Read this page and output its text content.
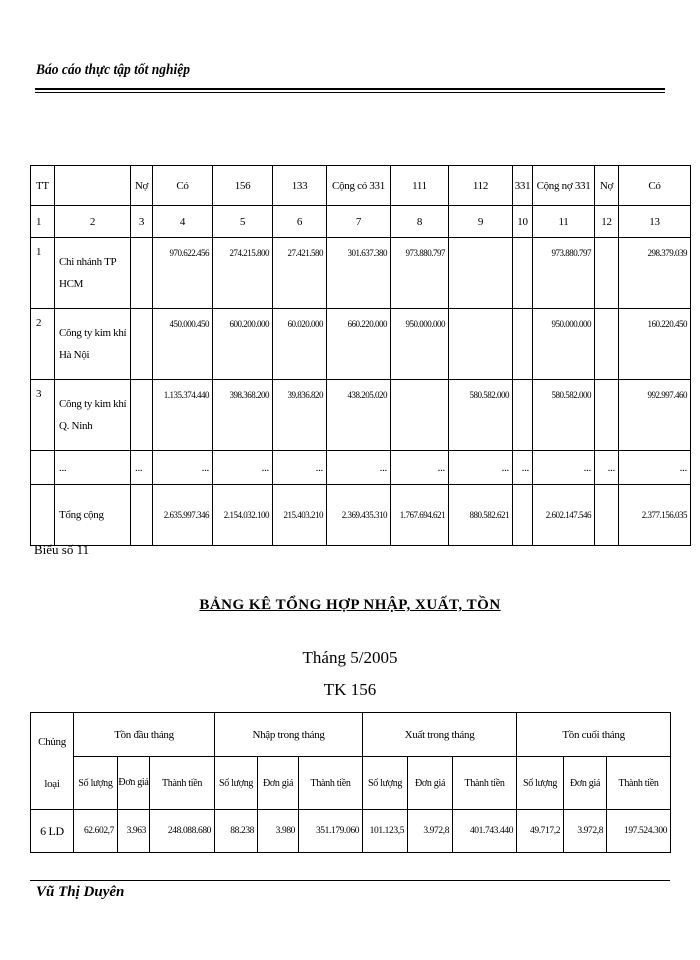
Báo cáo thực tập tốt nghiệp
TT		Nợ	Có	156	133	Cộng có 331	111	112	331	Cộng nợ 331	Nợ	Có
1	2	3	4	5	6	7	8	9	10	11	12	13
1	Chi nhánh TP HCM		970.622.456	274.215.800	27.421.580	301.637.380	973.880.797			973.880.797		298.379.039
2	Công ty kim khí Hà Nội		450.000.450	600.200.000	60.020.000	660.220.000	950.000.000			950.000.000		160.220.450
3	Công ty kim khí Q. Ninh		1.135.374.440	398.368.200	39.836.820	438.205.020		580.582.000		580.582.000		992.997.460
	...	...	...	...	...	...	...	...	...	...	...	...
	Tổng cộng		2.635.997.346	2.154.032.100	215.403.210	2.369.435.310	1.767.694.621	880.582.621		2.602.147.546		2.377.156.035
Biểu số 11
BẢNG KÊ TỔNG HỢP NHẬP, XUẤT, TỒN
Tháng 5/2005
TK 156
Chủng
loại	Tồn đầu tháng			Nhập trong tháng			Xuất trong tháng			Tồn cuối tháng		
	Số lượng	Đơn giá	Thành tiền	Số lượng	Đơn giá	Thành tiền	Số lượng	Đơn giá	Thành tiền	Số lượng	Đơn giá	Thành tiền
6 LD	62.602,7	3.963	248.088.680	88.238	3.980	351.179.060	101.123,5	3.972,8	401.743.440	49.717,2	3.972,8	197.524.300
Vũ Thị Duyên
